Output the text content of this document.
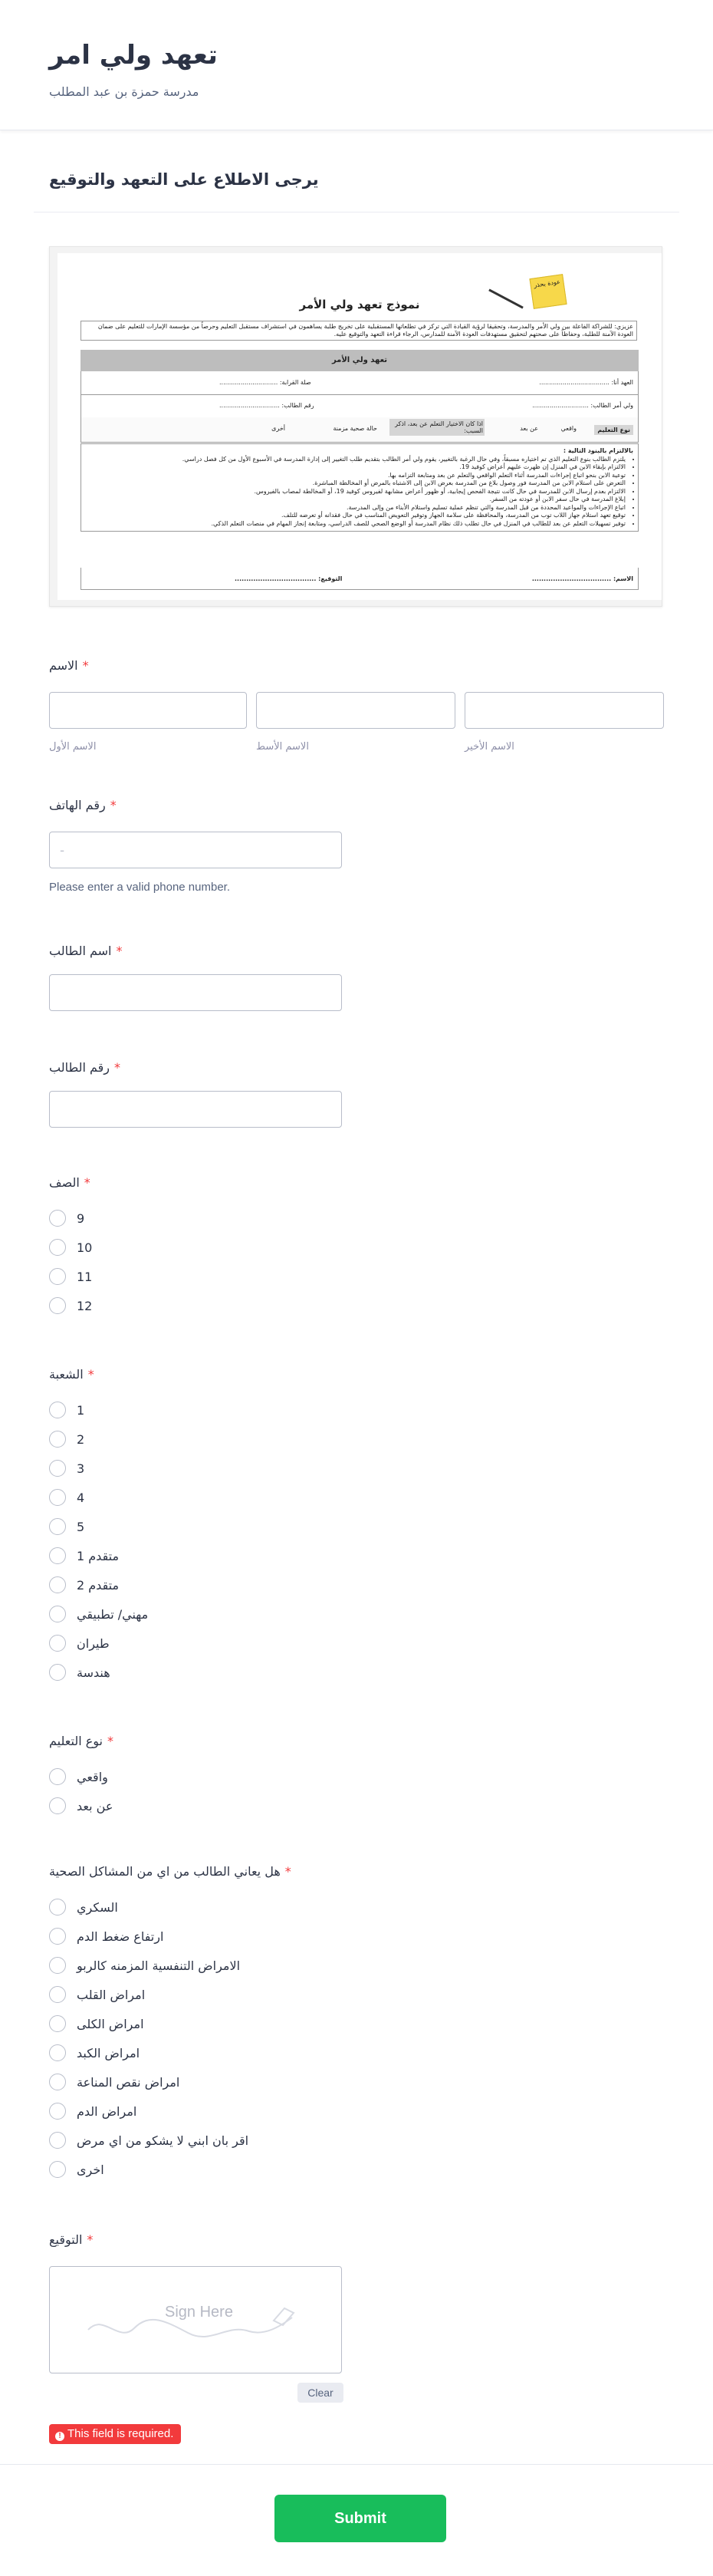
تعهد ولي امر
مدرسة حمزة بن عبد المطلب
يرجى الاطلاع على التعهد والتوقيع
عودة بحذر
نموذج تعهد ولي الأمر
عزيزي: للشراكة الفاعلة بين ولي الأمر والمدرسة، وتحقيقا لرؤية القيادة التي تركز في تطلعاتها المستقبلية على تخريج طلبة يساهمون في استشراف مستقبل التعليم وحرصاً من مؤسسة الإمارات للتعليم على ضمان العودة الآمنة للطلبة، وحفاظاً على صحتهم لتحقيق مستهدفات العودة الآمنة للمدارس، الرجاء قراءة التعهد والتوقيع عليه.
تعهد ولي الأمر
العهد أنا: ....................................
صلة القرابة: ..............................
ولي أمر الطالب: .............................
رقم الطالب: ...............................
نوع التعليم
واقعي
عن بعد
اذا كان الاختيار التعلم عن بعد، اذكر السبب:
حالة صحية مزمنة
أخرى
بالالتزام بالبنود التالية :
• يلتزم الطالب بنوع التعليم الذي تم اختياره مسبقاً، وفي حال الرغبة بالتغيير، يقوم ولي أمر الطالب بتقديم طلب التغيير إلى إدارة المدرسة في الأسبوع الأول من كل فصل دراسي.
• الالتزام بإبقاء الابن في المنزل إن ظهرت عليهم أعراض كوفيد 19.
• توعية الابن بنحو اتباع إجراءات المدرسة أثناء التعلم الواقعي والتعلم عن بعد ومتابعة التزامه بها.
• التعرض على استلام الابن من المدرسة فور وصول بلاغ من المدرسة بعرض الابن إلى الاشتباه بالمرض أو المخالطة المباشرة.
• الالتزام بعدم إرسال الابن للمدرسة في حال كانت نتيجة الفحص إيجابية، أو ظهور أعراض مشابهة لفيروس كوفيد 19، أو المخالطة لمصاب بالفيروس.
• إبلاغ المدرسة في حال سفر الابن أو عودته من السفر.
• اتباع الإجراءات والمواعيد المحددة من قبل المدرسة والتي تنظم عملية تسليم واستلام الأبناء من وإلى المدرسة.
• توقيع تعهد استلام جهاز اللاب توب من المدرسة، والمحافظة على سلامة الجهاز وتوفير التعويض المناسب في حال فقدانه أو تعرضه للتلف.
• توفير تسهيلات التعلم عن بعد للطالب في المنزل في حال تطلب ذلك نظام المدرسة أو الوضع الصحي للصف الدراسي، ومتابعة إنجاز المهام في منصات التعلم الذكي.
الاسم: ..................................
التوقيع: ...................................
الاسم *
الاسم الأول	الاسم الأسط	الاسم الأخير
رقم الهاتف *
ـ
Please enter a valid phone number.
اسم الطالب *
رقم الطالب *
الصف *
9
10
11
12
الشعبة *
1
2
3
4
5
متقدم 1
متقدم 2
مهني/ تطبيقي
طيران
هندسة
نوع التعليم *
واقعي
عن بعد
هل يعاني الطالب من اي من المشاكل الصحية *
السكري
ارتفاع ضغط الدم
الامراض التنفسية المزمنه كالربو
امراض القلب
امراض الكلى
امراض الكبد
امراض نقص المناعة
امراض الدم
اقر بان ابني لا يشكو من اي مرض
اخرى
التوقيع *
Sign Here
Clear
! This field is required.
Submit
